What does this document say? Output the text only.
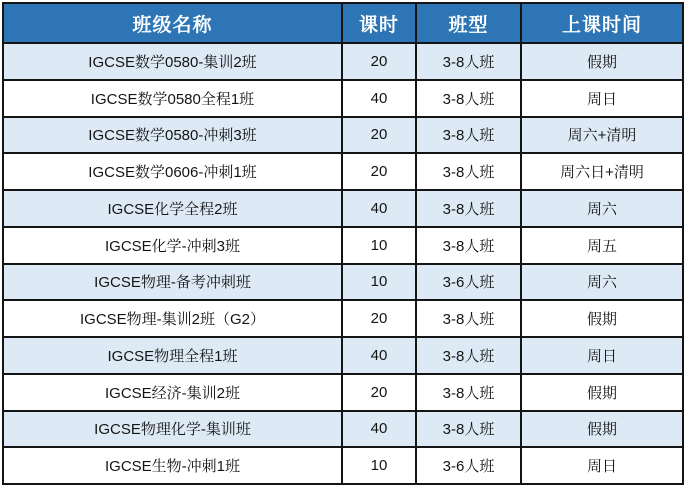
班级名称	课时	班型	上课时间
IGCSE数学0580-集训2班	20	3-8人班	假期
IGCSE数学0580全程1班	40	3-8人班	周日
IGCSE数学0580-冲刺3班	20	3-8人班	周六+清明
IGCSE数学0606-冲刺1班	20	3-8人班	周六日+清明
IGCSE化学全程2班	40	3-8人班	周六
IGCSE化学-冲刺3班	10	3-8人班	周五
IGCSE物理-备考冲刺班	10	3-6人班	周六
IGCSE物理-集训2班（G2）	20	3-8人班	假期
IGCSE物理全程1班	40	3-8人班	周日
IGCSE经济-集训2班	20	3-8人班	假期
IGCSE物理化学-集训班	40	3-8人班	假期
IGCSE生物-冲刺1班	10	3-6人班	周日
